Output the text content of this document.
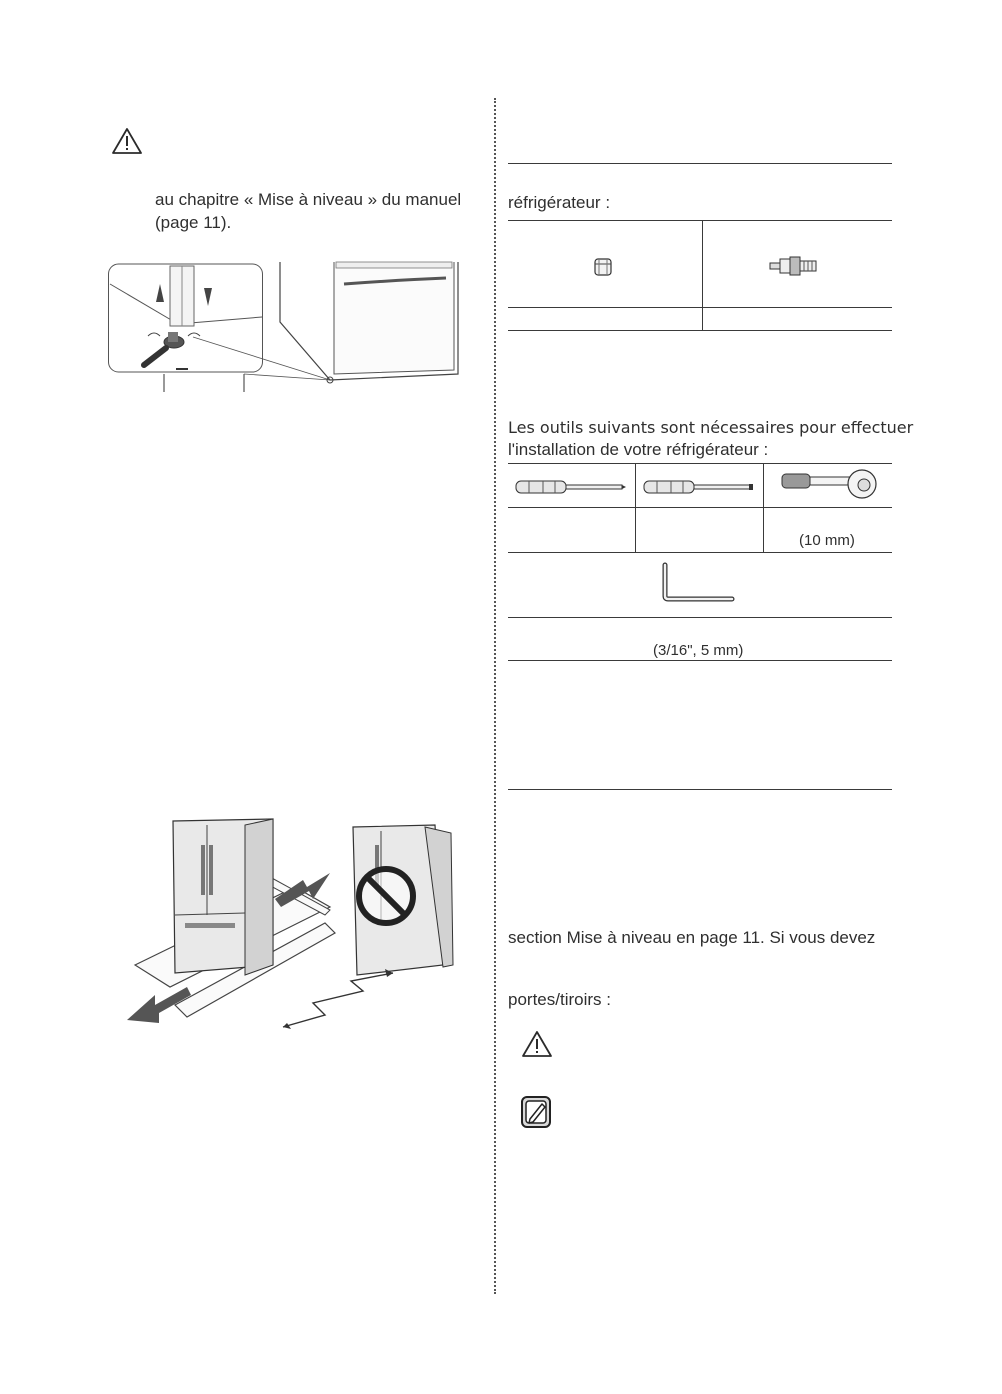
au chapitre « Mise à niveau » du manuel
(page 11).
réfrigérateur :
Les outils suivants sont nécessaires pour effectuer
l'installation de votre réfrigérateur :
(10 mm)
(3/16", 5 mm)
section Mise à niveau en page 11. Si vous devez
portes/tiroirs :
